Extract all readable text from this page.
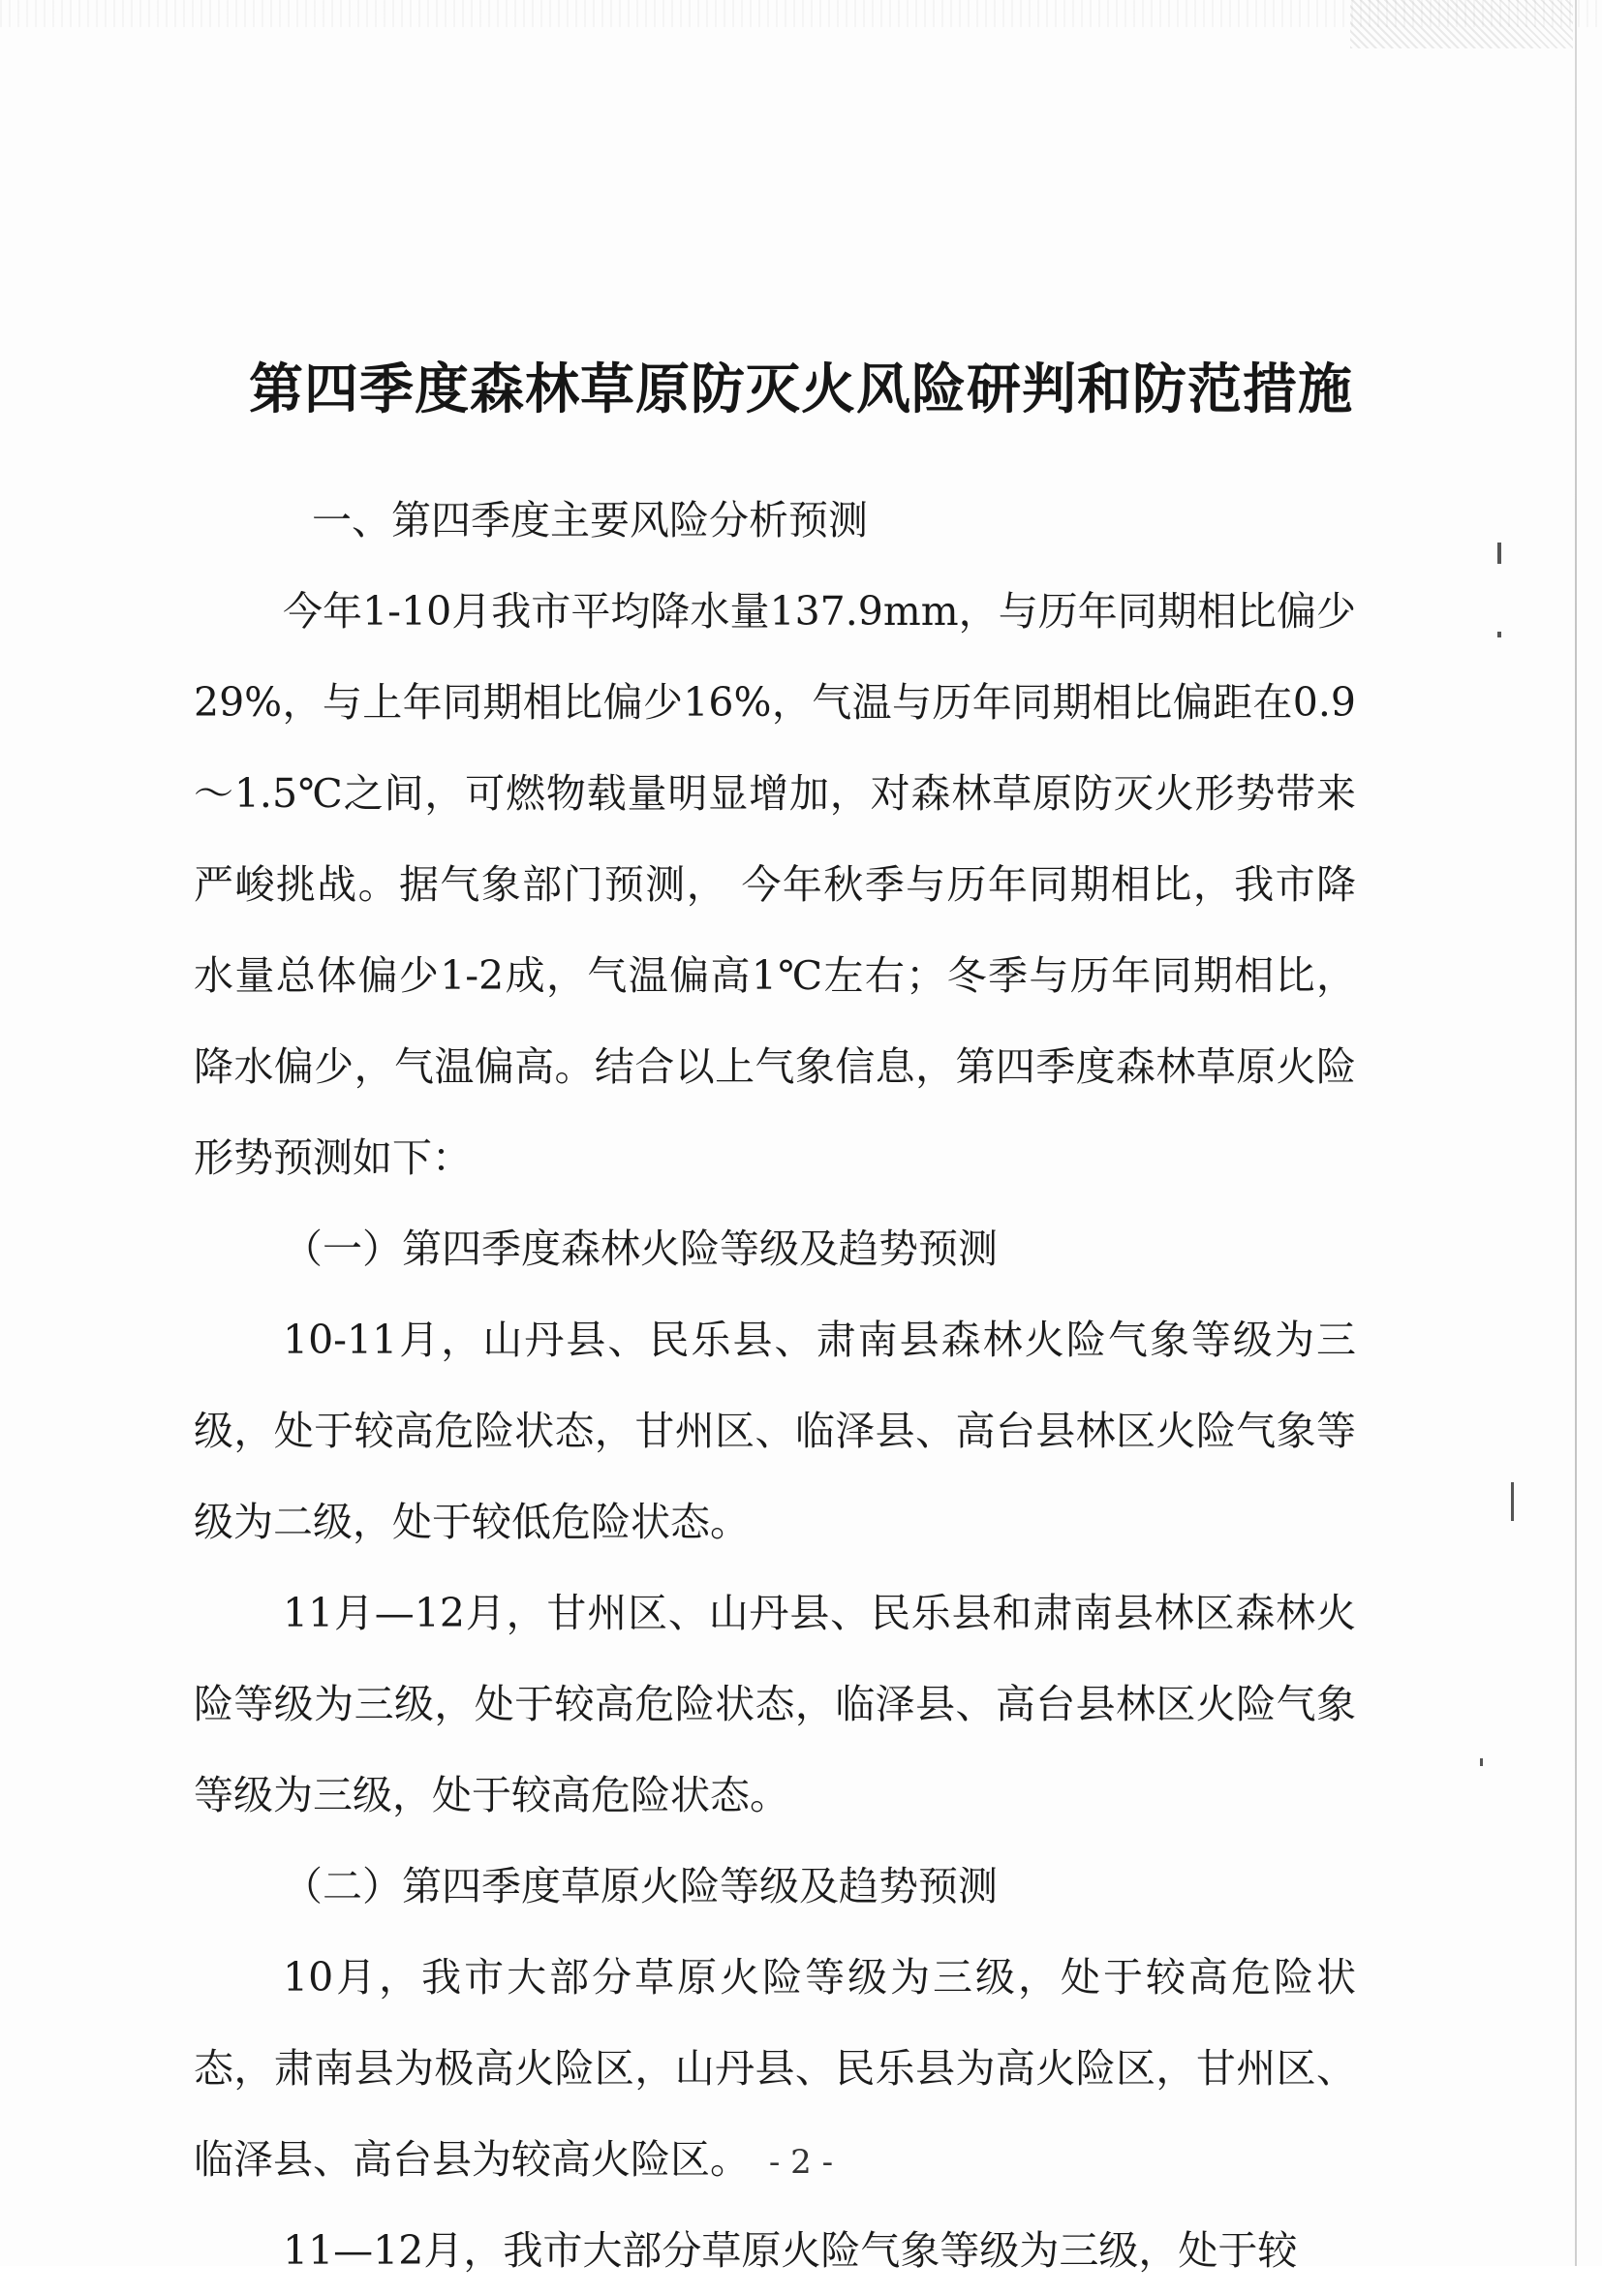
第四季度森林草原防灭火风险研判和防范措施

一、第四季度主要风险分析预测

今年1-10月我市平均降水量137.9mm，与历年同期相比偏少29%，与上年同期相比偏少16%，气温与历年同期相比偏距在0.9～1.5℃之间，可燃物载量明显增加，对森林草原防灭火形势带来严峻挑战。据气象部门预测， 今年秋季与历年同期相比，我市降水量总体偏少1-2成，气温偏高1℃左右；冬季与历年同期相比，降水偏少，气温偏高。结合以上气象信息，第四季度森林草原火险形势预测如下：

（一）第四季度森林火险等级及趋势预测

10-11月，山丹县、民乐县、肃南县森林火险气象等级为三级，处于较高危险状态，甘州区、临泽县、高台县林区火险气象等级为二级，处于较低危险状态。

11月—12月，甘州区、山丹县、民乐县和肃南县林区森林火险等级为三级，处于较高危险状态，临泽县、高台县林区火险气象等级为三级，处于较高危险状态。

（二）第四季度草原火险等级及趋势预测

10月，我市大部分草原火险等级为三级，处于较高危险状态，肃南县为极高火险区，山丹县、民乐县为高火险区，甘州区、临泽县、高台县为较高火险区。

11—12月，我市大部分草原火险气象等级为三级，处于较

- 2 -
